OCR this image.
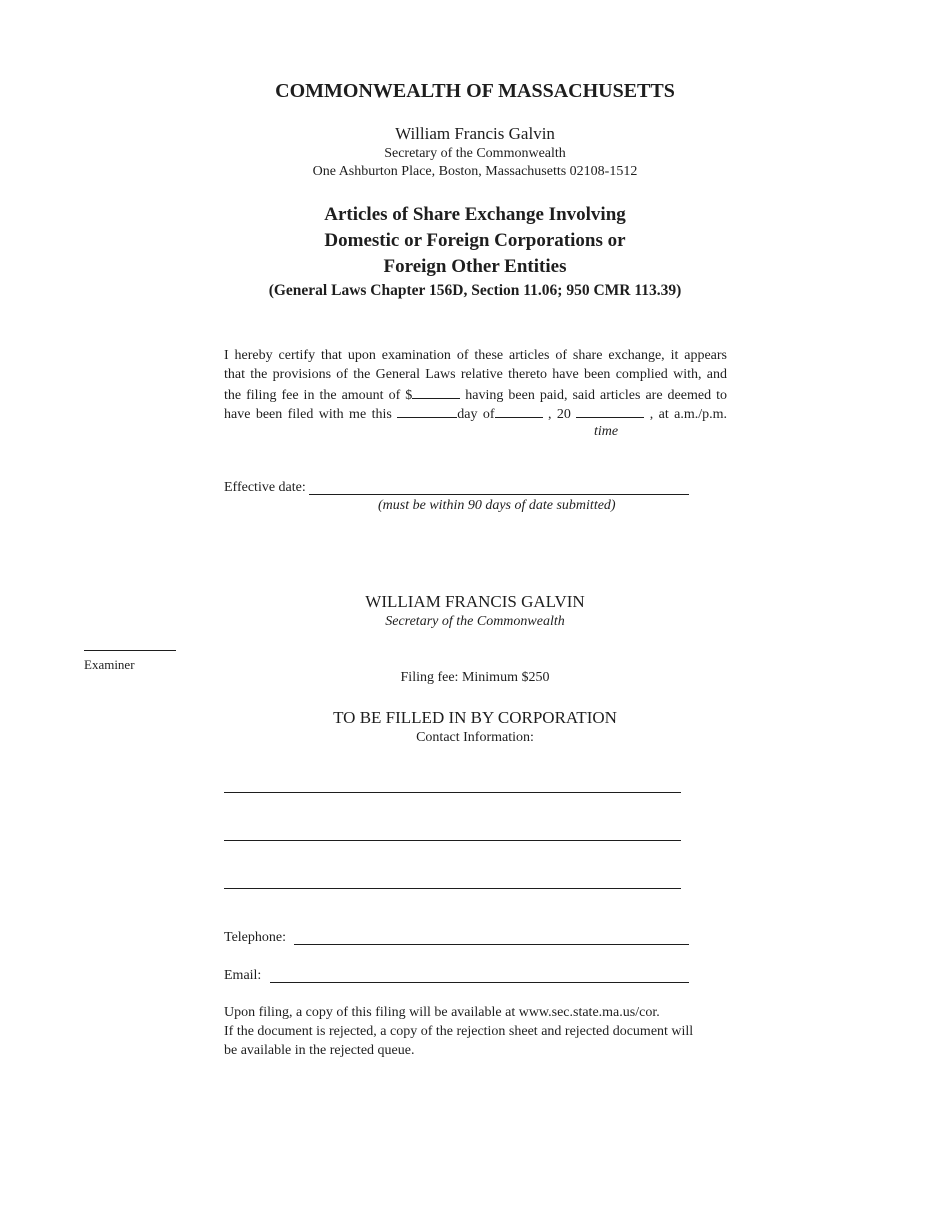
COMMONWEALTH OF MASSACHUSETTS
William Francis Galvin
Secretary of the Commonwealth
One Ashburton Place, Boston, Massachusetts 02108-1512
Articles of Share Exchange Involving
Domestic or Foreign Corporations or
Foreign Other Entities
(General Laws Chapter 156D, Section 11.06; 950 CMR 113.39)
I hereby certify that upon examination of these articles of share exchange, it appears
that the provisions of the General Laws relative thereto have been complied with, and
the filing fee in the amount of $	having been paid, said articles are deemed to
have been filed with me this	day of	, 20	, at a.m./p.m.
time
Effective date:
(must be within 90 days of date submitted)
WILLIAM FRANCIS GALVIN
Secretary of the Commonwealth
Examiner
Filing fee: Minimum $250
TO BE FILLED IN BY CORPORATION
Contact Information:
Telephone:
Email:
Upon filing, a copy of this filing will be available at www.sec.state.ma.us/cor.
If the document is rejected, a copy of the rejection sheet and rejected document will
be available in the rejected queue.
